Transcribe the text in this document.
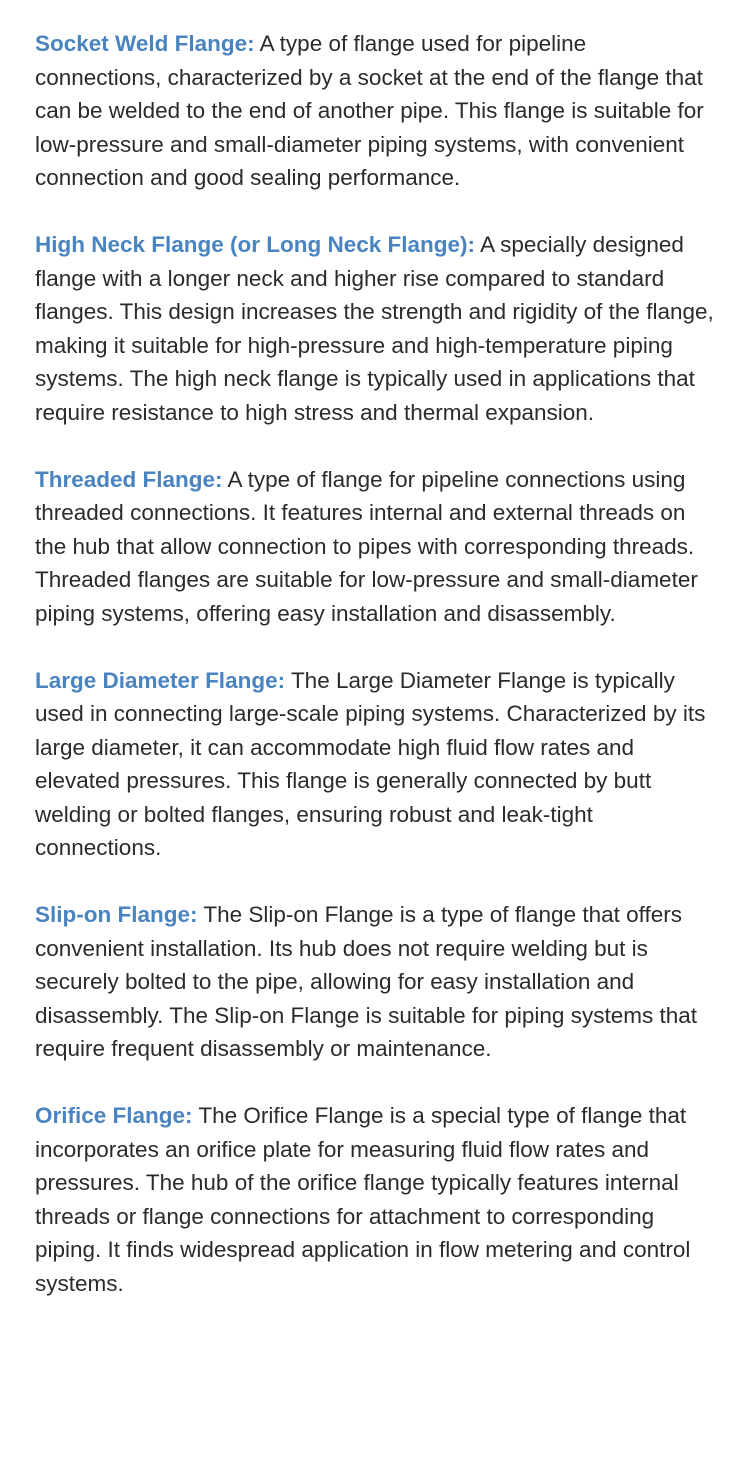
Socket Weld Flange: A type of flange used for pipeline connections, characterized by a socket at the end of the flange that can be welded to the end of another pipe. This flange is suitable for low-pressure and small-diameter piping systems, with convenient connection and good sealing performance.

High Neck Flange (or Long Neck Flange): A specially designed flange with a longer neck and higher rise compared to standard flanges. This design increases the strength and rigidity of the flange, making it suitable for high-pressure and high-temperature piping systems. The high neck flange is typically used in applications that require resistance to high stress and thermal expansion.

Threaded Flange: A type of flange for pipeline connections using threaded connections. It features internal and external threads on the hub that allow connection to pipes with corresponding threads. Threaded flanges are suitable for low-pressure and small-diameter piping systems, offering easy installation and disassembly.

Large Diameter Flange: The Large Diameter Flange is typically used in connecting large-scale piping systems. Characterized by its large diameter, it can accommodate high fluid flow rates and elevated pressures. This flange is generally connected by butt welding or bolted flanges, ensuring robust and leak-tight connections.

Slip-on Flange: The Slip-on Flange is a type of flange that offers convenient installation. Its hub does not require welding but is securely bolted to the pipe, allowing for easy installation and disassembly. The Slip-on Flange is suitable for piping systems that require frequent disassembly or maintenance.

Orifice Flange: The Orifice Flange is a special type of flange that incorporates an orifice plate for measuring fluid flow rates and pressures. The hub of the orifice flange typically features internal threads or flange connections for attachment to corresponding piping. It finds widespread application in flow metering and control systems.
